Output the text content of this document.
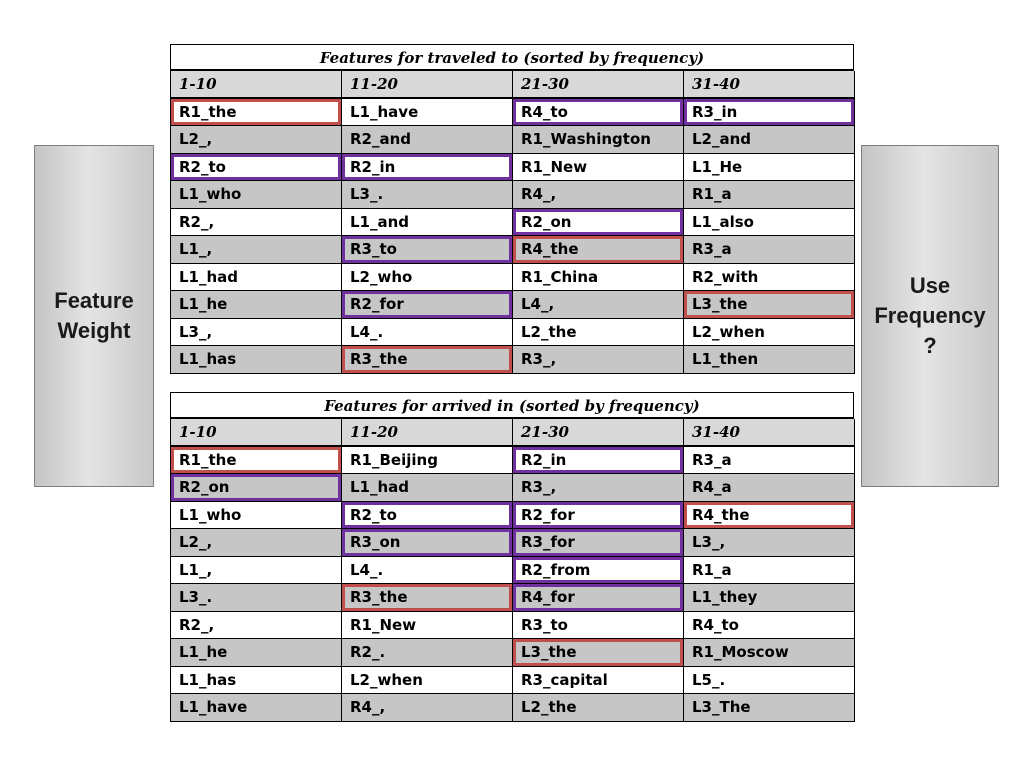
Feature Weight
Use Frequency ?
Features for traveled to (sorted by frequency)
1-10	11-20	21-30	31-40
R1_the	L1_have	R4_to	R3_in
L2_,	R2_and	R1_Washington	L2_and
R2_to	R2_in	R1_New	L1_He
L1_who	L3_.	R4_,	R1_a
R2_,	L1_and	R2_on	L1_also
L1_,	R3_to	R4_the	R3_a
L1_had	L2_who	R1_China	R2_with
L1_he	R2_for	L4_,	L3_the
L3_,	L4_.	L2_the	L2_when
L1_has	R3_the	R3_,	L1_then
Features for arrived in (sorted by frequency)
1-10	11-20	21-30	31-40
R1_the	R1_Beijing	R2_in	R3_a
R2_on	L1_had	R3_,	R4_a
L1_who	R2_to	R2_for	R4_the
L2_,	R3_on	R3_for	L3_,
L1_,	L4_.	R2_from	R1_a
L3_.	R3_the	R4_for	L1_they
R2_,	R1_New	R3_to	R4_to
L1_he	R2_.	L3_the	R1_Moscow
L1_has	L2_when	R3_capital	L5_.
L1_have	R4_,	L2_the	L3_The
